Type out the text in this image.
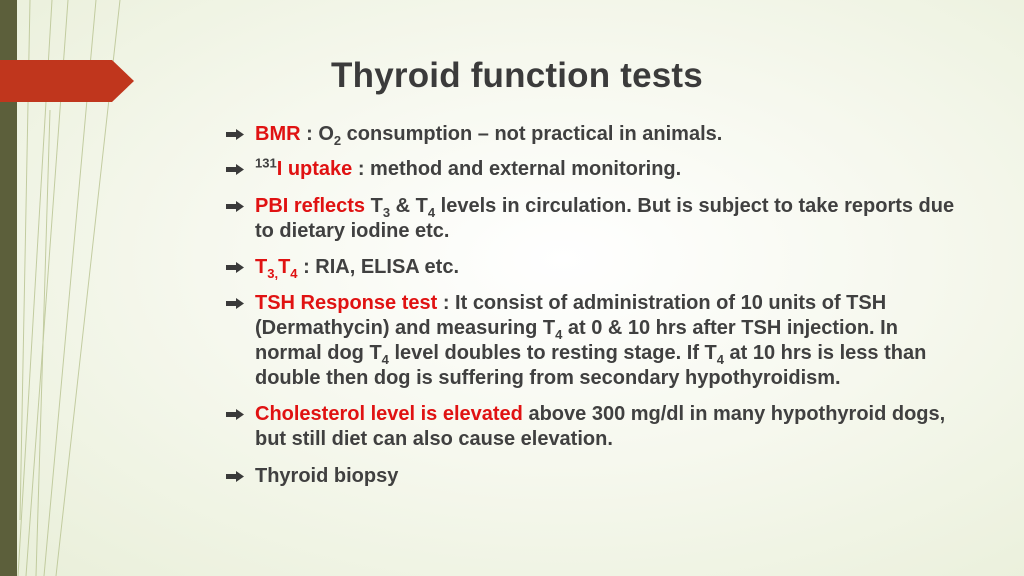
Thyroid function tests
BMR : $O_2$ consumption – not practical in animals.
$^{131}$I uptake : method and external monitoring.
PBI reflects $T_3$ & $T_4$ levels in circulation. But is subject to take reports due to dietary iodine etc.
$T_{3,}T_4$ : RIA, ELISA etc.
TSH Response test : It consist of administration of 10 units of TSH (Dermathycin) and measuring $T_4$ at 0 & 10 hrs after TSH injection. In normal dog $T_4$ level doubles to resting stage. If $T_4$ at 10 hrs is less than double then dog is suffering from secondary hypothyroidism.
Cholesterol level is elevated above 300 mg/dl in many hypothyroid dogs, but still diet can also cause elevation.
Thyroid biopsy
